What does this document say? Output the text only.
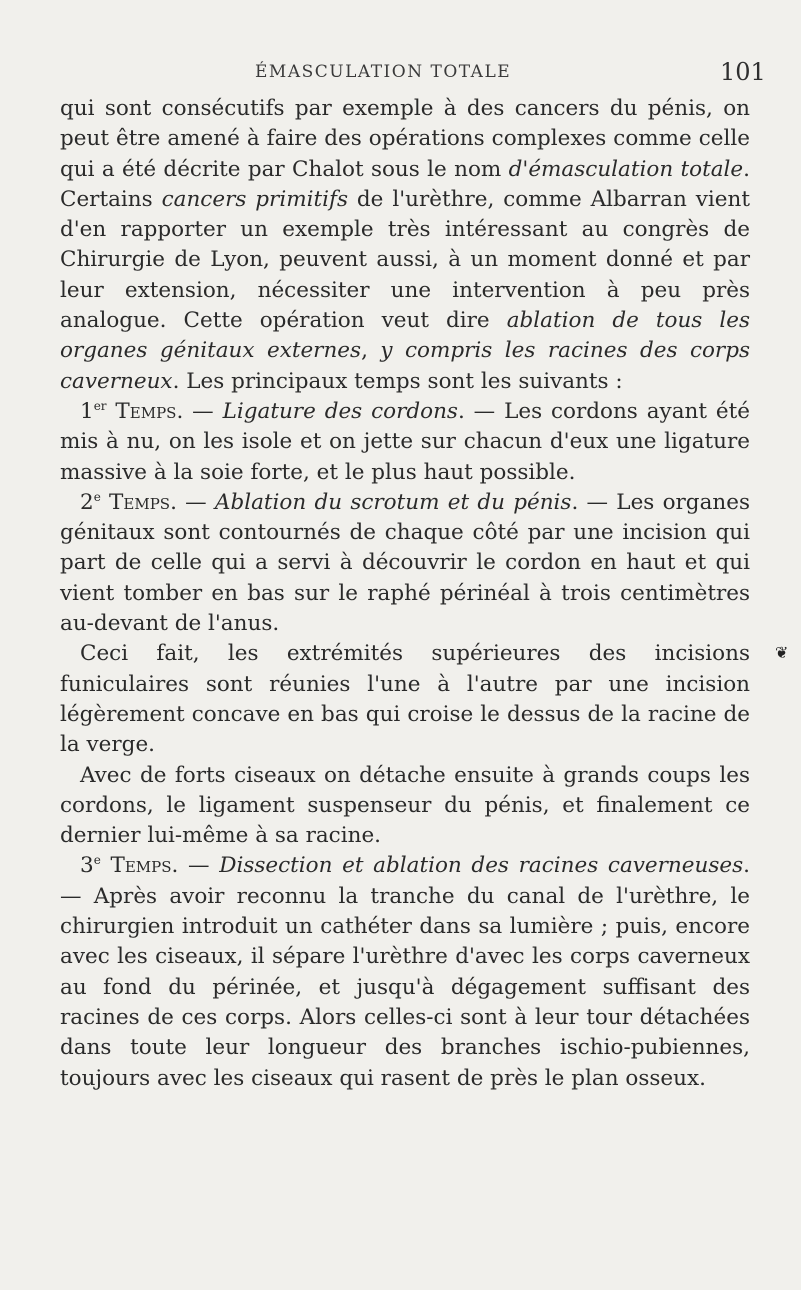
ÉMASCULATION TOTALE	101

qui sont consécutifs par exemple à des cancers du pénis, on peut être amené à faire des opérations complexes comme celle qui a été décrite par Chalot sous le nom d'émasculation totale. Certains cancers primitifs de l'urèthre, comme Albarran vient d'en rapporter un exemple très intéressant au congrès de Chirurgie de Lyon, peuvent aussi, à un moment donné et par leur extension, nécessiter une intervention à peu près analogue. Cette opération veut dire ablation de tous les organes génitaux externes, y compris les racines des corps caverneux. Les principaux temps sont les suivants :

1er Temps. — Ligature des cordons. — Les cordons ayant été mis à nu, on les isole et on jette sur chacun d'eux une ligature massive à la soie forte, et le plus haut possible.

2e Temps. — Ablation du scrotum et du pénis. — Les organes génitaux sont contournés de chaque côté par une incision qui part de celle qui a servi à découvrir le cordon en haut et qui vient tomber en bas sur le raphé périnéal à trois centimètres au-devant de l'anus.

Ceci fait, les extrémités supérieures des incisions funiculaires sont réunies l'une à l'autre par une incision légèrement concave en bas qui croise le dessus de la racine de la verge.

Avec de forts ciseaux on détache ensuite à grands coups les cordons, le ligament suspenseur du pénis, et finalement ce dernier lui-même à sa racine.

3e Temps. — Dissection et ablation des racines caverneuses. — Après avoir reconnu la tranche du canal de l'urèthre, le chirurgien introduit un cathéter dans sa lumière ; puis, encore avec les ciseaux, il sépare l'urèthre d'avec les corps caverneux au fond du périnée, et jusqu'à dégagement suffisant des racines de ces corps. Alors celles-ci sont à leur tour détachées dans toute leur longueur des branches ischio-pubiennes, toujours avec les ciseaux qui rasent de près le plan osseux.

❦
